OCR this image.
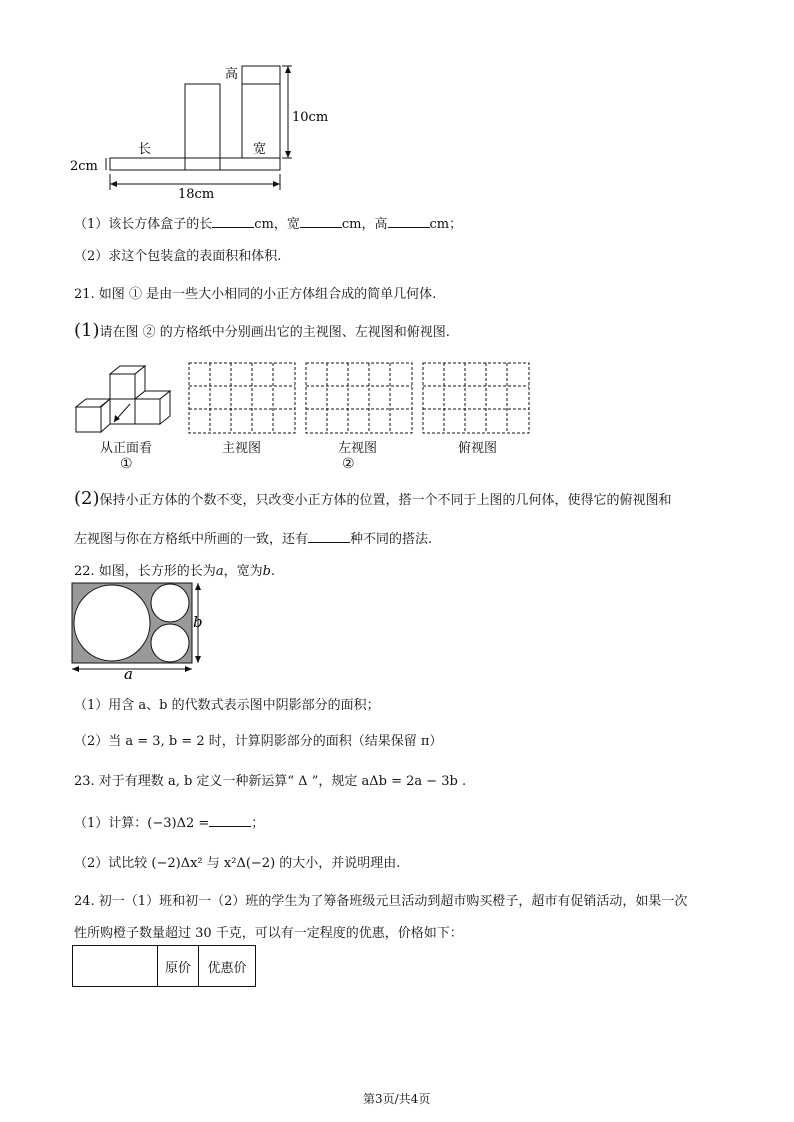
高
10cm
长	宽
2cm
18cm
（1）该长方体盒子的长	cm，宽	cm，高	cm；
（2）求这个包装盒的表面积和体积.
21. 如图 ① 是由一些大小相同的小正方体组合成的简单几何体.
(1)请在图 ② 的方格纸中分别画出它的主视图、左视图和俯视图.
从正面看
①
主视图	左视图
②
俯视图
(2)保持小正方体的个数不变，只改变小正方体的位置，搭一个不同于上图的几何体，使得它的俯视图和
左视图与你在方格纸中所画的一致，还有	种不同的搭法.
22. 如图，长方形的长为a，宽为b.
b
a
（1）用含 a、b 的代数式表示图中阴影部分的面积；
（2）当 a = 3, b = 2 时，计算阴影部分的面积（结果保留 π）
23. 对于有理数 a, b 定义一种新运算“ Δ ”，规定 aΔb = 2a − 3b .
（1）计算：(−3)Δ2 =	；
（2）试比较 (−2)Δx² 与 x²Δ(−2) 的大小，并说明理由.
24. 初一（1）班和初一（2）班的学生为了筹备班级元旦活动到超市购买橙子，超市有促销活动，如果一次
性所购橙子数量超过 30 千克，可以有一定程度的优惠，价格如下：
	原价	优惠价
第3页/共4页
